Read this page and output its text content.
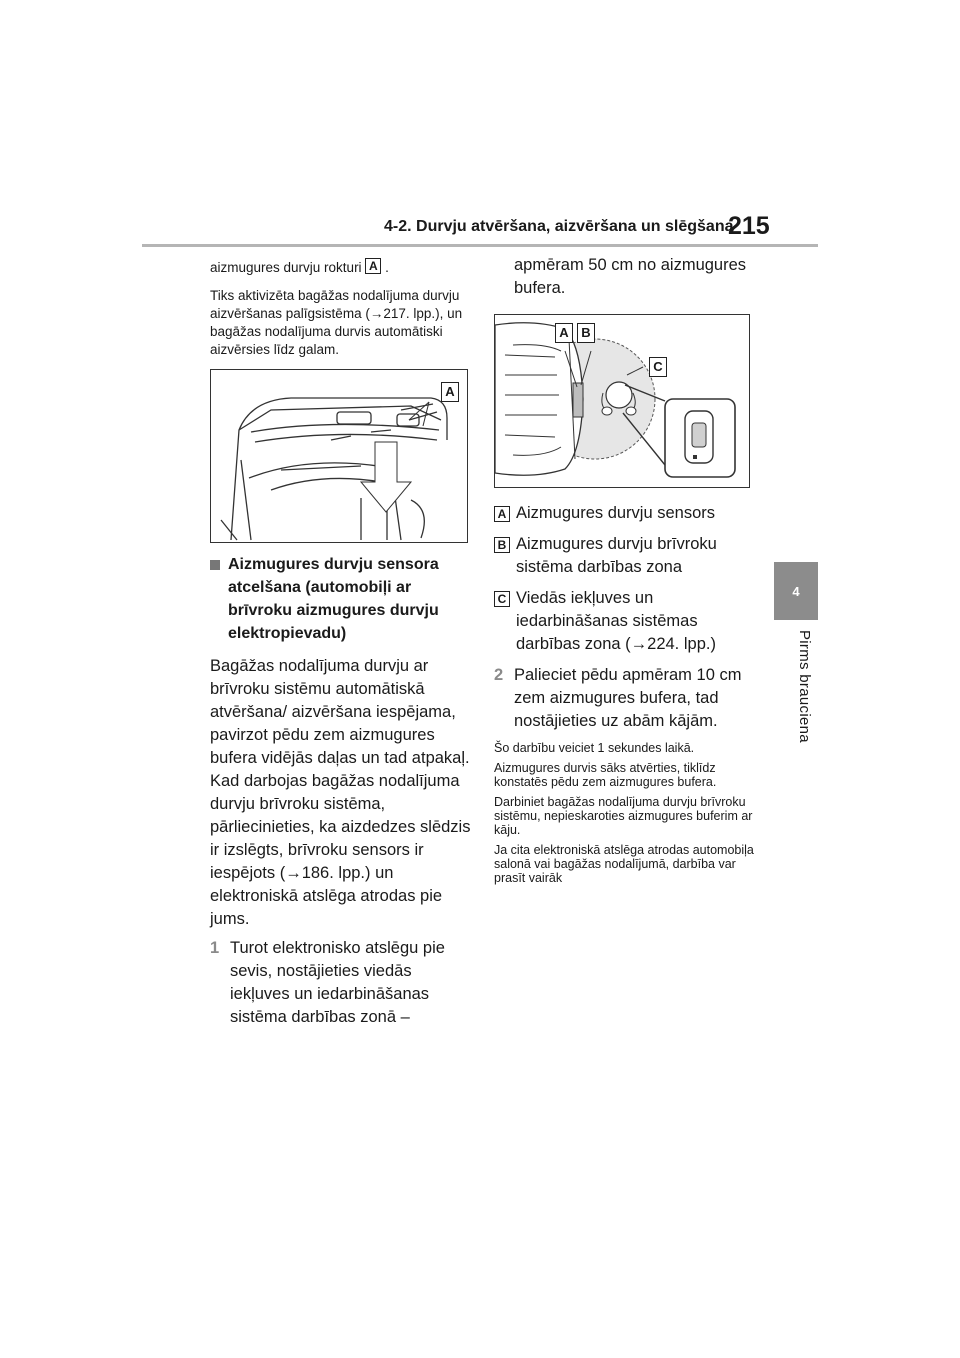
4-2. Durvju atvēršana, aizvēršana un slēgšana
215
4
Pirms brauciena

aizmugures durvju rokturi A .

Tiks aktivizēta bagāžas nodalījuma durvju aizvēršanas palīgsistēma (→217. lpp.), un bagāžas nodalījuma durvis automātiski aizvērsies līdz galam.

A
Aizmugures durvju sensora atcelšana (automobiļi ar brīvroku aizmugures durvju elektropievadu)

Bagāžas nodalījuma durvju ar brīvroku sistēmu automātiskā atvēršana/ aizvēršana iespējama, pavirzot pēdu zem aizmugures bufera vidējās daļas un tad atpakaļ. Kad darbojas bagāžas nodalījuma durvju brīvroku sistēma, pārliecinieties, ka aizdedzes slēdzis ir izslēgts, brīvroku sensors ir iespējots (→186. lpp.) un elektroniskā atslēga atrodas pie jums.

1 Turot elektronisko atslēgu pie sevis, nostājieties viedās iekļuves un iedarbināšanas sistēma darbības zonā –

apmēram 50 cm no aizmugures bufera.

A B
C
A Aizmugures durvju sensors
B Aizmugures durvju brīvroku sistēma darbības zona
C Viedās iekļuves un iedarbināšanas sistēmas darbības zona (→224. lpp.)
2 Palieciet pēdu apmēram 10 cm zem aizmugures bufera, tad nostājieties uz abām kājām.

Šo darbību veiciet 1 sekundes laikā.

Aizmugures durvis sāks atvērties, tiklīdz konstatēs pēdu zem aizmugures bufera.

Darbiniet bagāžas nodalījuma durvju brīvroku sistēmu, nepieskaroties aizmugures buferim ar kāju.

Ja cita elektroniskā atslēga atrodas automobiļa salonā vai bagāžas nodalījumā, darbība var prasīt vairāk
